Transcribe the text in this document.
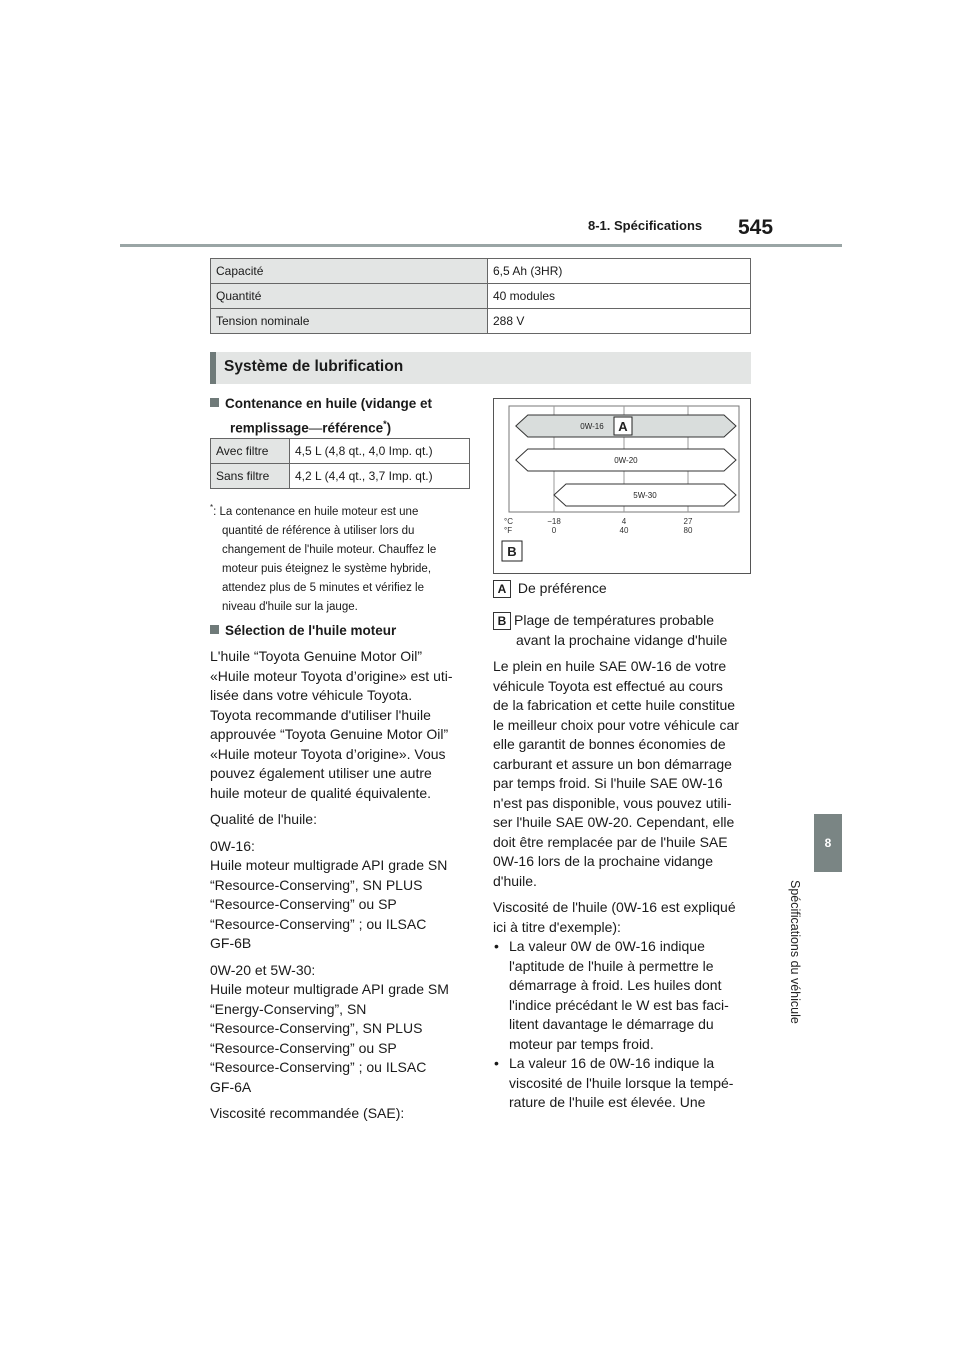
8-1. Spécifications 545
8
Spécifications du véhicule
Capacité	6,5 Ah (3HR)
Quantité	40 modules
Tension nominale	288 V
Système de lubrification
Contenance en huile (vidange et
remplissage—référence*)
Avec filtre	4,5 L (4,8 qt., 4,0 Imp. qt.)
Sans filtre	4,2 L (4,4 qt., 3,7 Imp. qt.)
*: La contenance en huile moteur est une
quantité de référence à utiliser lors du
changement de l'huile moteur. Chauffez le
moteur puis éteignez le système hybride,
attendez plus de 5 minutes et vérifiez le
niveau d'huile sur la jauge.
Sélection de l'huile moteur
L'huile “Toyota Genuine Motor Oil”
«Huile moteur Toyota d’origine» est uti-
lisée dans votre véhicule Toyota.
Toyota recommande d'utiliser l'huile
approuvée “Toyota Genuine Motor Oil”
«Huile moteur Toyota d’origine». Vous
pouvez également utiliser une autre
huile moteur de qualité équivalente.
Qualité de l'huile:
0W-16:
Huile moteur multigrade API grade SN
“Resource-Conserving”, SN PLUS
“Resource-Conserving” ou SP
“Resource-Conserving” ; ou ILSAC
GF-6B
0W-20 et 5W-30:
Huile moteur multigrade API grade SM
“Energy-Conserving”, SN
“Resource-Conserving”, SN PLUS
“Resource-Conserving” ou SP
“Resource-Conserving” ; ou ILSAC
GF-6A
Viscosité recommandée (SAE):
0W-16
0W-20
5W-30
°C
°F
−18	4	27
0	40	80
A
B
A De préférence
B Plage de températures probable
avant la prochaine vidange d'huile
Le plein en huile SAE 0W-16 de votre
véhicule Toyota est effectué au cours
de la fabrication et cette huile constitue
le meilleur choix pour votre véhicule car
elle garantit de bonnes économies de
carburant et assure un bon démarrage
par temps froid. Si l'huile SAE 0W-16
n'est pas disponible, vous pouvez utili-
ser l'huile SAE 0W-20. Cependant, elle
doit être remplacée par de l'huile SAE
0W-16 lors de la prochaine vidange
d'huile.
Viscosité de l'huile (0W-16 est expliqué
ici à titre d'exemple):
• La valeur 0W de 0W-16 indique
l'aptitude de l'huile à permettre le
démarrage à froid. Les huiles dont
l'indice précédant le W est bas faci-
litent davantage le démarrage du
moteur par temps froid.
• La valeur 16 de 0W-16 indique la
viscosité de l'huile lorsque la tempé-
rature de l'huile est élevée. Une
